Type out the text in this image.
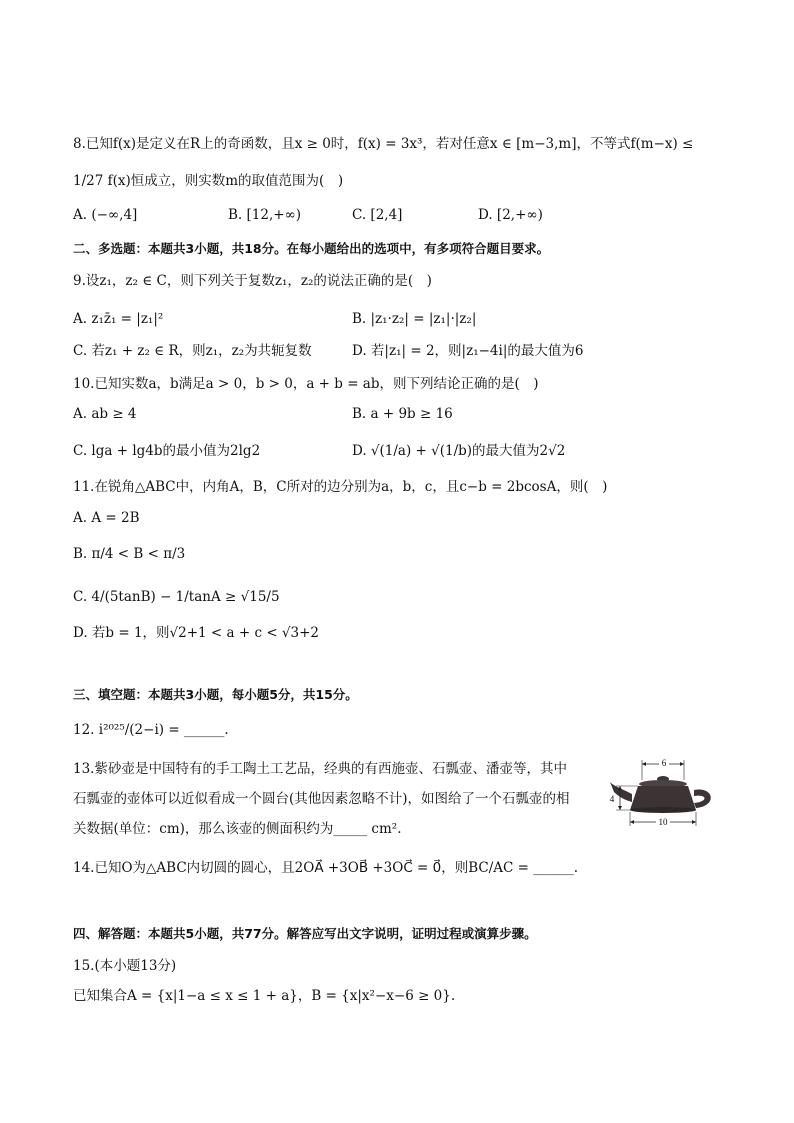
8.已知f(x)是定义在R上的奇函数，且x ≥ 0时，f(x) = 3x³，若对任意x ∈ [m−3,m]，不等式f(m−x) ≤
1/27 f(x)恒成立，则实数m的取值范围为(　)
A. (−∞,4]	B. [12,+∞)	C. [2,4]	D. [2,+∞)
二、多选题：本题共3小题，共18分。在每小题给出的选项中，有多项符合题目要求。
9.设z₁，z₂ ∈ C，则下列关于复数z₁，z₂的说法正确的是(　)
A. z₁z̄₁ = |z₁|²	B. |z₁·z₂| = |z₁|·|z₂|
C. 若z₁ + z₂ ∈ R，则z₁，z₂为共轭复数	D. 若|z₁| = 2，则|z₁−4i|的最大值为6
10.已知实数a，b满足a > 0，b > 0，a + b = ab，则下列结论正确的是(　)
A. ab ≥ 4	B. a + 9b ≥ 16
C. lga + lg4b的最小值为2lg2	D. √(1/a) + √(1/b)的最大值为2√2
11.在锐角△ABC中，内角A，B，C所对的边分别为a，b，c，且c−b = 2bcosA，则(　)
A. A = 2B
B. π/4 < B < π/3
C. 4/(5tanB) − 1/tanA ≥ √15/5
D. 若b = 1，则√2+1 < a + c < √3+2
三、填空题：本题共3小题，每小题5分，共15分。
12. i²⁰²⁵/(2−i) = ______.
13.紫砂壶是中国特有的手工陶土工艺品，经典的有西施壶、石瓢壶、潘壶等，其中
石瓢壶的壶体可以近似看成一个圆台(其他因素忽略不计)，如图给了一个石瓢壶的相
关数据(单位：cm)，那么该壶的侧面积约为_____ cm².
6
4
10
14.已知O为△ABC内切圆的圆心，且2OA⃗ +3OB⃗ +3OC⃗ = 0⃗，则BC/AC = ______.
四、解答题：本题共5小题，共77分。解答应写出文字说明，证明过程或演算步骤。
15.(本小题13分)
已知集合A = {x|1−a ≤ x ≤ 1 + a}，B = {x|x²−x−6 ≥ 0}.
